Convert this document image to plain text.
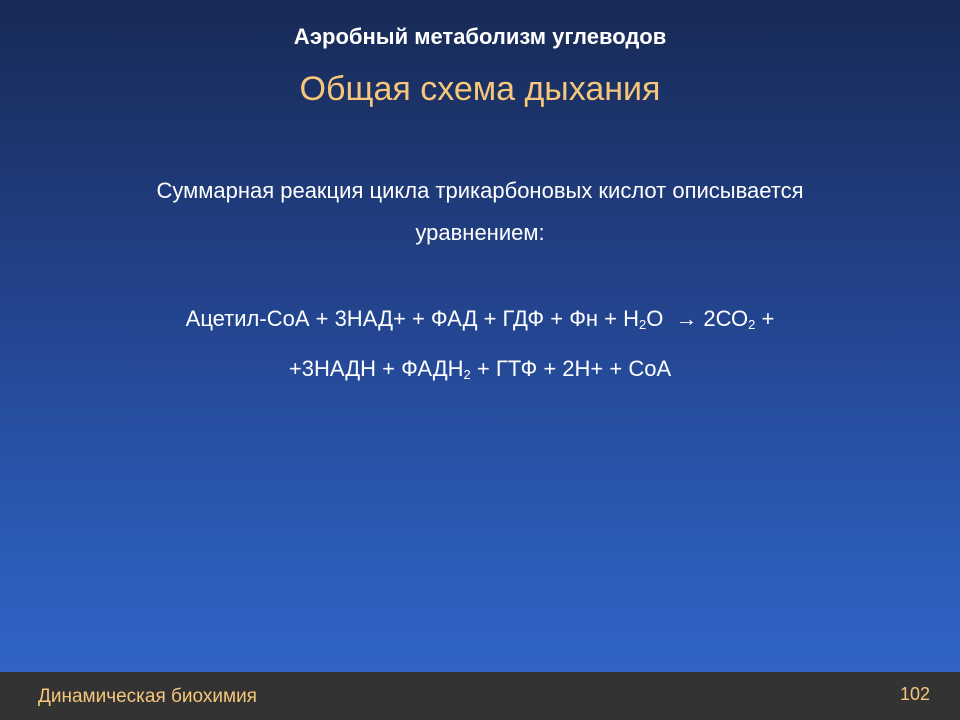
Аэробный метаболизм углеводов
Общая схема дыхания
Суммарная реакция цикла трикарбоновых кислот описывается
уравнением:
Ацетил-СоА + 3НАД+ + ФАД + ГДФ + Фн + $Н_2О \to 2СО_2$ +
+3НАДН + $ФАДН_2$ + ГТФ + 2Н+ + СоА
Динамическая биохимия	102
